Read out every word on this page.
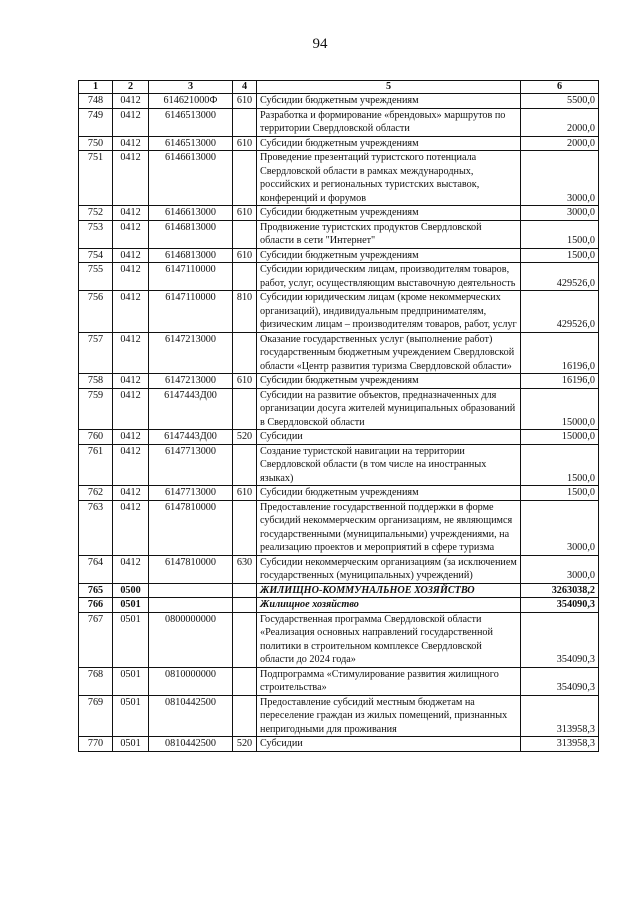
94
1	2	3	4	5	6
748	0412	614621000Ф	610	Субсидии бюджетным учреждениям	5500,0
749	0412	6146513000		Разработка и формирование «брендовых» маршрутов по территории Свердловской области	2000,0
750	0412	6146513000	610	Субсидии бюджетным учреждениям	2000,0
751	0412	6146613000		Проведение презентаций туристского потенциала Свердловской области в рамках международных, российских и региональных туристских выставок, конференций и форумов	3000,0
752	0412	6146613000	610	Субсидии бюджетным учреждениям	3000,0
753	0412	6146813000		Продвижение туристских продуктов Свердловской области в сети "Интернет"	1500,0
754	0412	6146813000	610	Субсидии бюджетным учреждениям	1500,0
755	0412	6147110000		Субсидии юридическим лицам, производителям товаров, работ, услуг, осуществляющим выставочную деятельность	429526,0
756	0412	6147110000	810	Субсидии юридическим лицам (кроме некоммерческих организаций), индивидуальным предпринимателям, физическим лицам – производителям товаров, работ, услуг	429526,0
757	0412	6147213000		Оказание государственных услуг (выполнение работ) государственным бюджетным учреждением Свердловской области «Центр развития туризма Свердловской области»	16196,0
758	0412	6147213000	610	Субсидии бюджетным учреждениям	16196,0
759	0412	6147443Д00		Субсидии на развитие объектов, предназначенных для организации досуга жителей муниципальных образований в Свердловской области	15000,0
760	0412	6147443Д00	520	Субсидии	15000,0
761	0412	6147713000		Создание туристской навигации на территории Свердловской области (в том числе на иностранных языках)	1500,0
762	0412	6147713000	610	Субсидии бюджетным учреждениям	1500,0
763	0412	6147810000		Предоставление государственной поддержки в форме субсидий некоммерческим организациям, не являющимся государственными (муниципальными) учреждениями, на реализацию проектов и мероприятий в сфере туризма	3000,0
764	0412	6147810000	630	Субсидии некоммерческим организациям (за исключением государственных (муниципальных) учреждений)	3000,0
765	0500			ЖИЛИЩНО-КОММУНАЛЬНОЕ ХОЗЯЙСТВО	3263038,2
766	0501			Жилищное хозяйство	354090,3
767	0501	0800000000		Государственная программа Свердловской области «Реализация основных направлений государственной политики в строительном комплексе Свердловской области до 2024 года»	354090,3
768	0501	0810000000		Подпрограмма «Стимулирование развития жилищного строительства»	354090,3
769	0501	0810442500		Предоставление субсидий местным бюджетам на переселение граждан из жилых помещений, признанных непригодными для проживания	313958,3
770	0501	0810442500	520	Субсидии	313958,3
